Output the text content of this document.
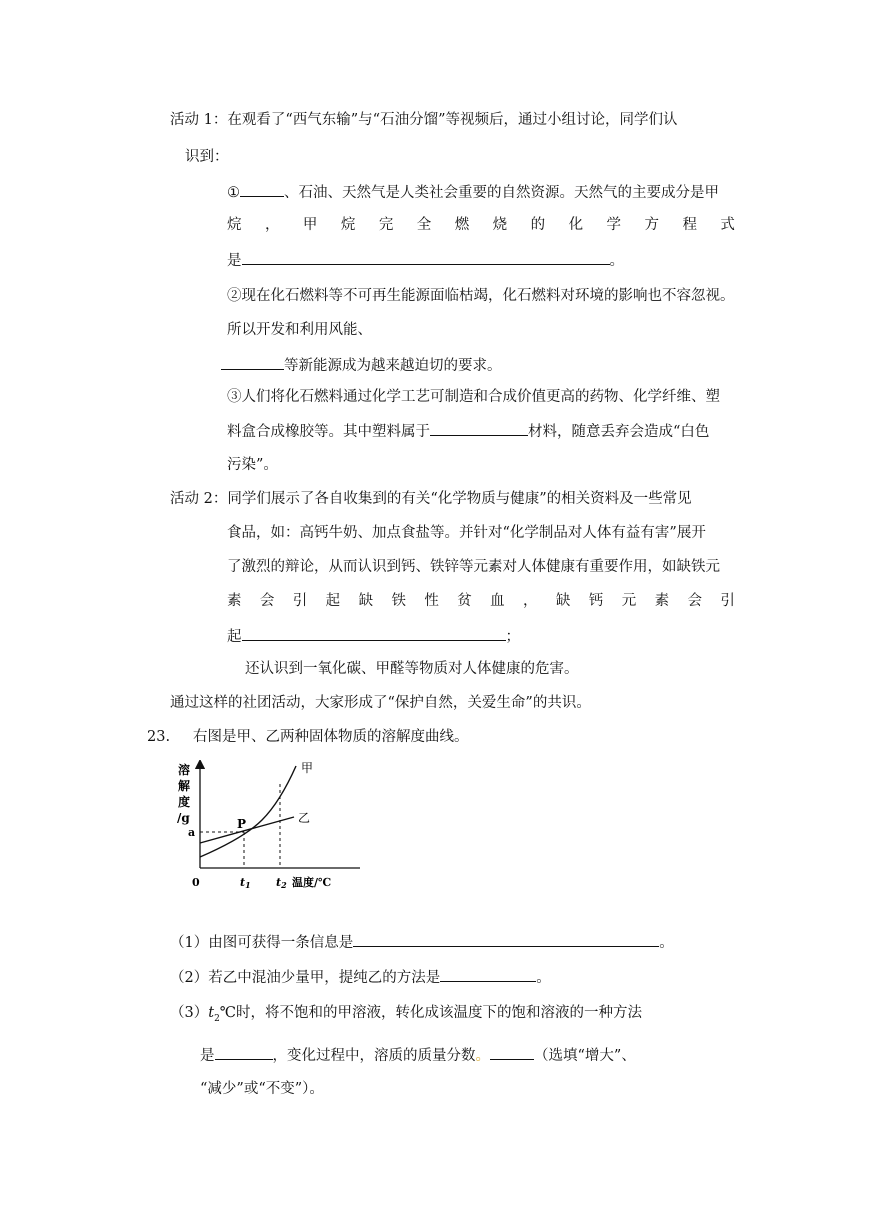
活动 1：在观看了“西气东输”与“石油分馏”等视频后，通过小组讨论，同学们认
识到：
①	、石油、天然气是人类社会重要的自然资源。天然气的主要成分是甲
烷 ， 甲 烷 完 全 燃 烧 的 化 学 方 程 式
是	。
②现在化石燃料等不可再生能源面临枯竭，化石燃料对环境的影响也不容忽视。
所以开发和利用风能、
等新能源成为越来越迫切的要求。
③人们将化石燃料通过化学工艺可制造和合成价值更高的药物、化学纤维、塑
料盒合成橡胶等。其中塑料属于	材料，随意丢弃会造成“白色
污染”。
活动 2：同学们展示了各自收集到的有关“化学物质与健康”的相关资料及一些常见
食品，如：高钙牛奶、加点食盐等。并针对“化学制品对人体有益有害”展开
了激烈的辩论，从而认识到钙、铁锌等元素对人体健康有重要作用，如缺铁元
素 会 引 起 缺 铁 性 贫 血 ， 缺 钙 元 素 会 引
起	；
还认识到一氧化碳、甲醛等物质对人体健康的危害。
通过这样的社团活动，大家形成了“保护自然，关爱生命”的共识。
23. 右图是甲、乙两种固体物质的溶解度曲线。
溶
解
度
/g
甲
乙
P
a
0	t1 t2 温度/℃
（1）由图可获得一条信息是	。
（2）若乙中混油少量甲，提纯乙的方法是	。
$(3)t_2℃$时，将不饱和的甲溶液，转化成该温度下的饱和溶液的一种方法
是	，变化过程中，溶质的质量分数。	（选填“增大”、
“减少”或“不变”）。
